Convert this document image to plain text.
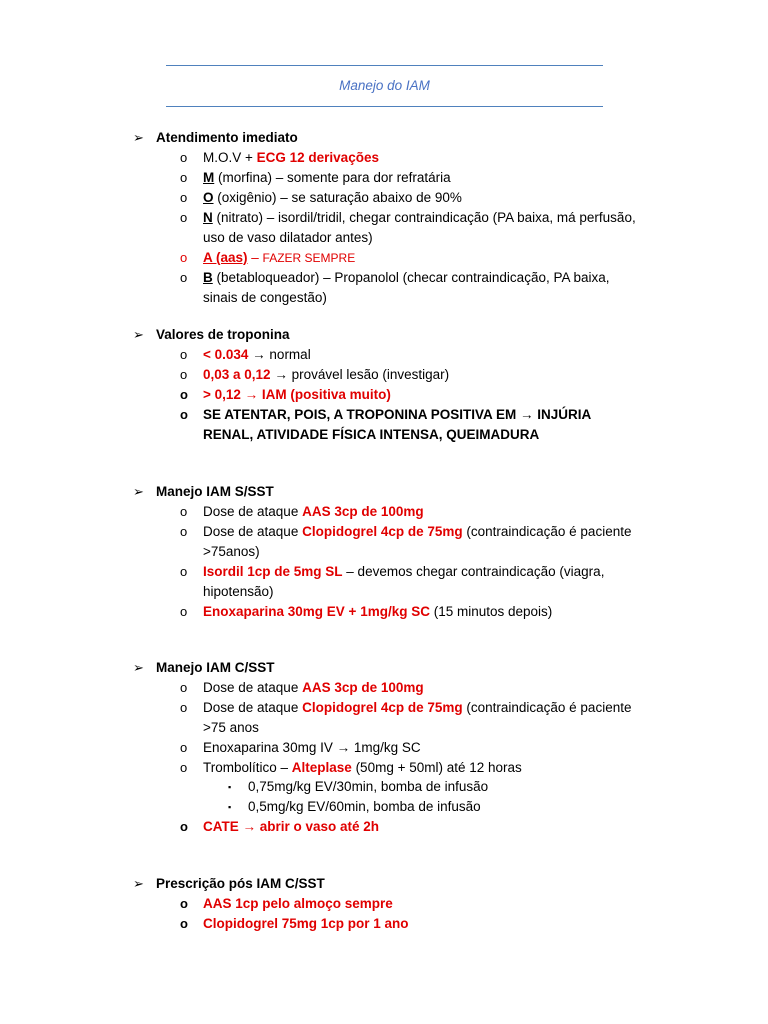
Manejo do IAM
➢ Atendimento imediato
o M.O.V + ECG 12 derivações
o M (morfina) – somente para dor refratária
o O (oxigênio) – se saturação abaixo de 90%
o N (nitrato) – isordil/tridil, chegar contraindicação (PA baixa, má perfusão, uso de vaso dilatador antes)
o A (aas) – FAZER SEMPRE
o B (betabloqueador) – Propanolol (checar contraindicação, PA baixa, sinais de congestão)
➢ Valores de troponina
o < 0.034 → normal
o 0,03 a 0,12 → provável lesão (investigar)
o > 0,12 → IAM (positiva muito)
o SE ATENTAR, POIS, A TROPONINA POSITIVA EM → INJÚRIA RENAL, ATIVIDADE FÍSICA INTENSA, QUEIMADURA
➢ Manejo IAM S/SST
o Dose de ataque AAS 3cp de 100mg
o Dose de ataque Clopidogrel 4cp de 75mg (contraindicação é paciente >75anos)
o Isordil 1cp de 5mg SL – devemos chegar contraindicação (viagra, hipotensão)
o Enoxaparina 30mg EV + 1mg/kg SC (15 minutos depois)
➢ Manejo IAM C/SST
o Dose de ataque AAS 3cp de 100mg
o Dose de ataque Clopidogrel 4cp de 75mg (contraindicação é paciente >75 anos
o Enoxaparina 30mg IV → 1mg/kg SC
o Trombolítico – Alteplase (50mg + 50ml) até 12 horas
▪ 0,75mg/kg EV/30min, bomba de infusão
▪ 0,5mg/kg EV/60min, bomba de infusão
o CATE → abrir o vaso até 2h
➢ Prescrição pós IAM C/SST
o AAS 1cp pelo almoço sempre
o Clopidogrel 75mg 1cp por 1 ano
